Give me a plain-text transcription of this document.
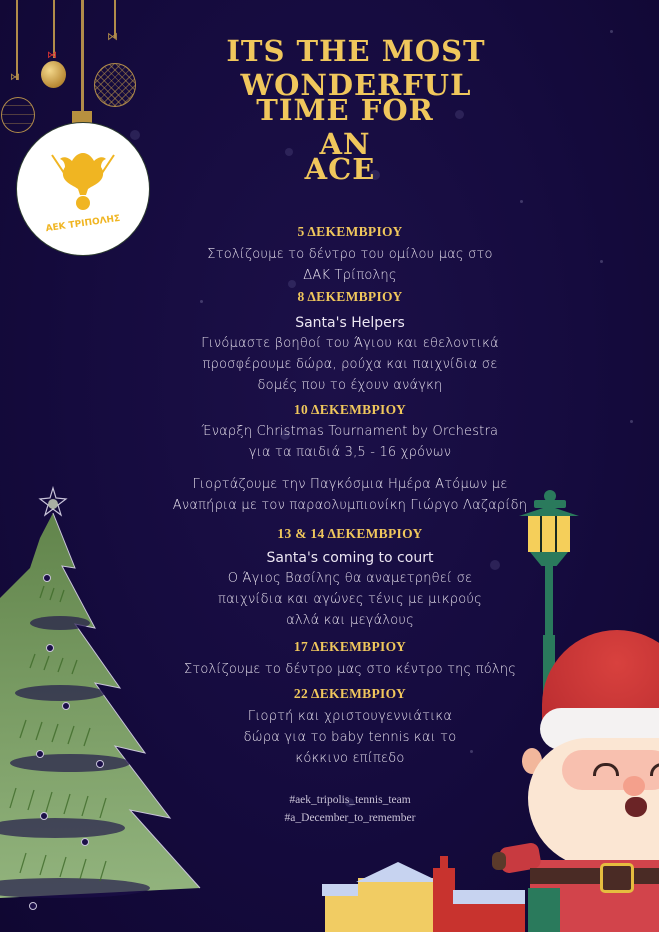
⋈
⋈
⋈
ΑΕΚ ΤΡΙΠΟΛΗΣ
ITS THE MOST WONDERFUL
TIME FOR AN
ACE
5 ΔΕΚΕΜΒΡΙΟΥ
Στολίζουμε το δέντρο του ομίλου μας στο
ΔΑΚ Τρίπολης
8 ΔΕΚΕΜΒΡΙΟΥ
Santa's Helpers
Γινόμαστε βοηθοί του Άγιου και εθελοντικά
προσφέρουμε δώρα, ρούχα και παιχνίδια σε
δομές που το έχουν ανάγκη
10 ΔΕΚΕΜΒΡΙΟΥ
Έναρξη Christmas Tournament by Orchestra
για τα παιδιά 3,5 - 16 χρόνων
Γιορτάζουμε την Παγκόσμια Ημέρα Ατόμων με
Αναπήρια με τον παραολυμπιονίκη Γιώργο Λαζαρίδη
13 & 14 ΔΕΚΕΜΒΡΙΟΥ
Santa's coming to court
Ο Άγιος Βασίλης θα αναμετρηθεί σε
παιχνίδια και αγώνες τένις με μικρούς
αλλά και μεγάλους
17 ΔΕΚΕΜΒΡΙΟΥ
Στολίζουμε το δέντρο μας στο κέντρο της πόλης
22 ΔΕΚΕΜΒΡΙΟΥ
Γιορτή και χριστουγεννιάτικα
δώρα για το baby tennis και το
κόκκινο επίπεδο
#aek_tripolis_tennis_team
#a_December_to_remember
